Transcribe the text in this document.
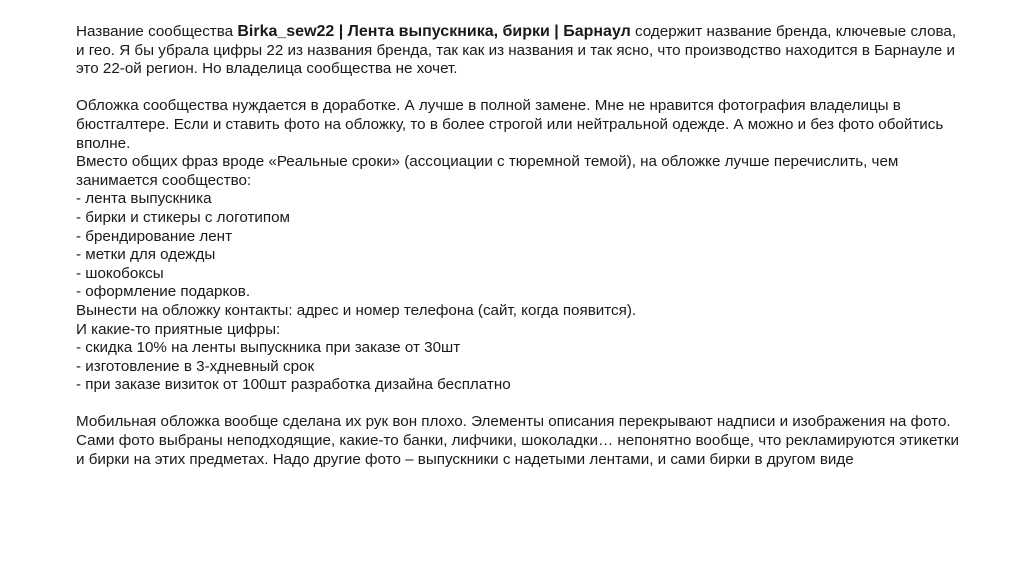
Название сообщества Birka_sew22 | Лента выпускника, бирки | Барнаул содержит название бренда, ключевые слова, и гео. Я бы убрала цифры 22 из названия бренда, так как из названия и так ясно, что производство находится в Барнауле и это 22-ой регион. Но владелица сообщества не хочет.

Обложка сообщества нуждается в доработке. А лучше в полной замене. Мне не нравится фотография владелицы в бюстгалтере. Если и ставить фото на обложку, то в более строгой или нейтральной одежде. А можно и без фото обойтись вполне.

Вместо общих фраз вроде «Реальные сроки» (ассоциации с тюремной темой), на обложке лучше перечислить, чем занимается сообщество:

- лента выпускника

- бирки и стикеры с логотипом

- брендирование лент

- метки для одежды

- шокобоксы

- оформление подарков.

Вынести на обложку контакты: адрес и номер телефона (сайт, когда появится).

И какие-то приятные цифры:

- скидка 10% на ленты выпускника при заказе от 30шт

- изготовление в 3-хдневный срок

- при заказе визиток от 100шт разработка дизайна бесплатно

Мобильная обложка вообще сделана их рук вон плохо. Элементы описания перекрывают надписи и изображения на фото. Сами фото выбраны неподходящие, какие-то банки, лифчики, шоколадки… непонятно вообще, что рекламируются этикетки и бирки на этих предметах. Надо другие фото – выпускники с надетыми лентами, и сами бирки в другом виде
